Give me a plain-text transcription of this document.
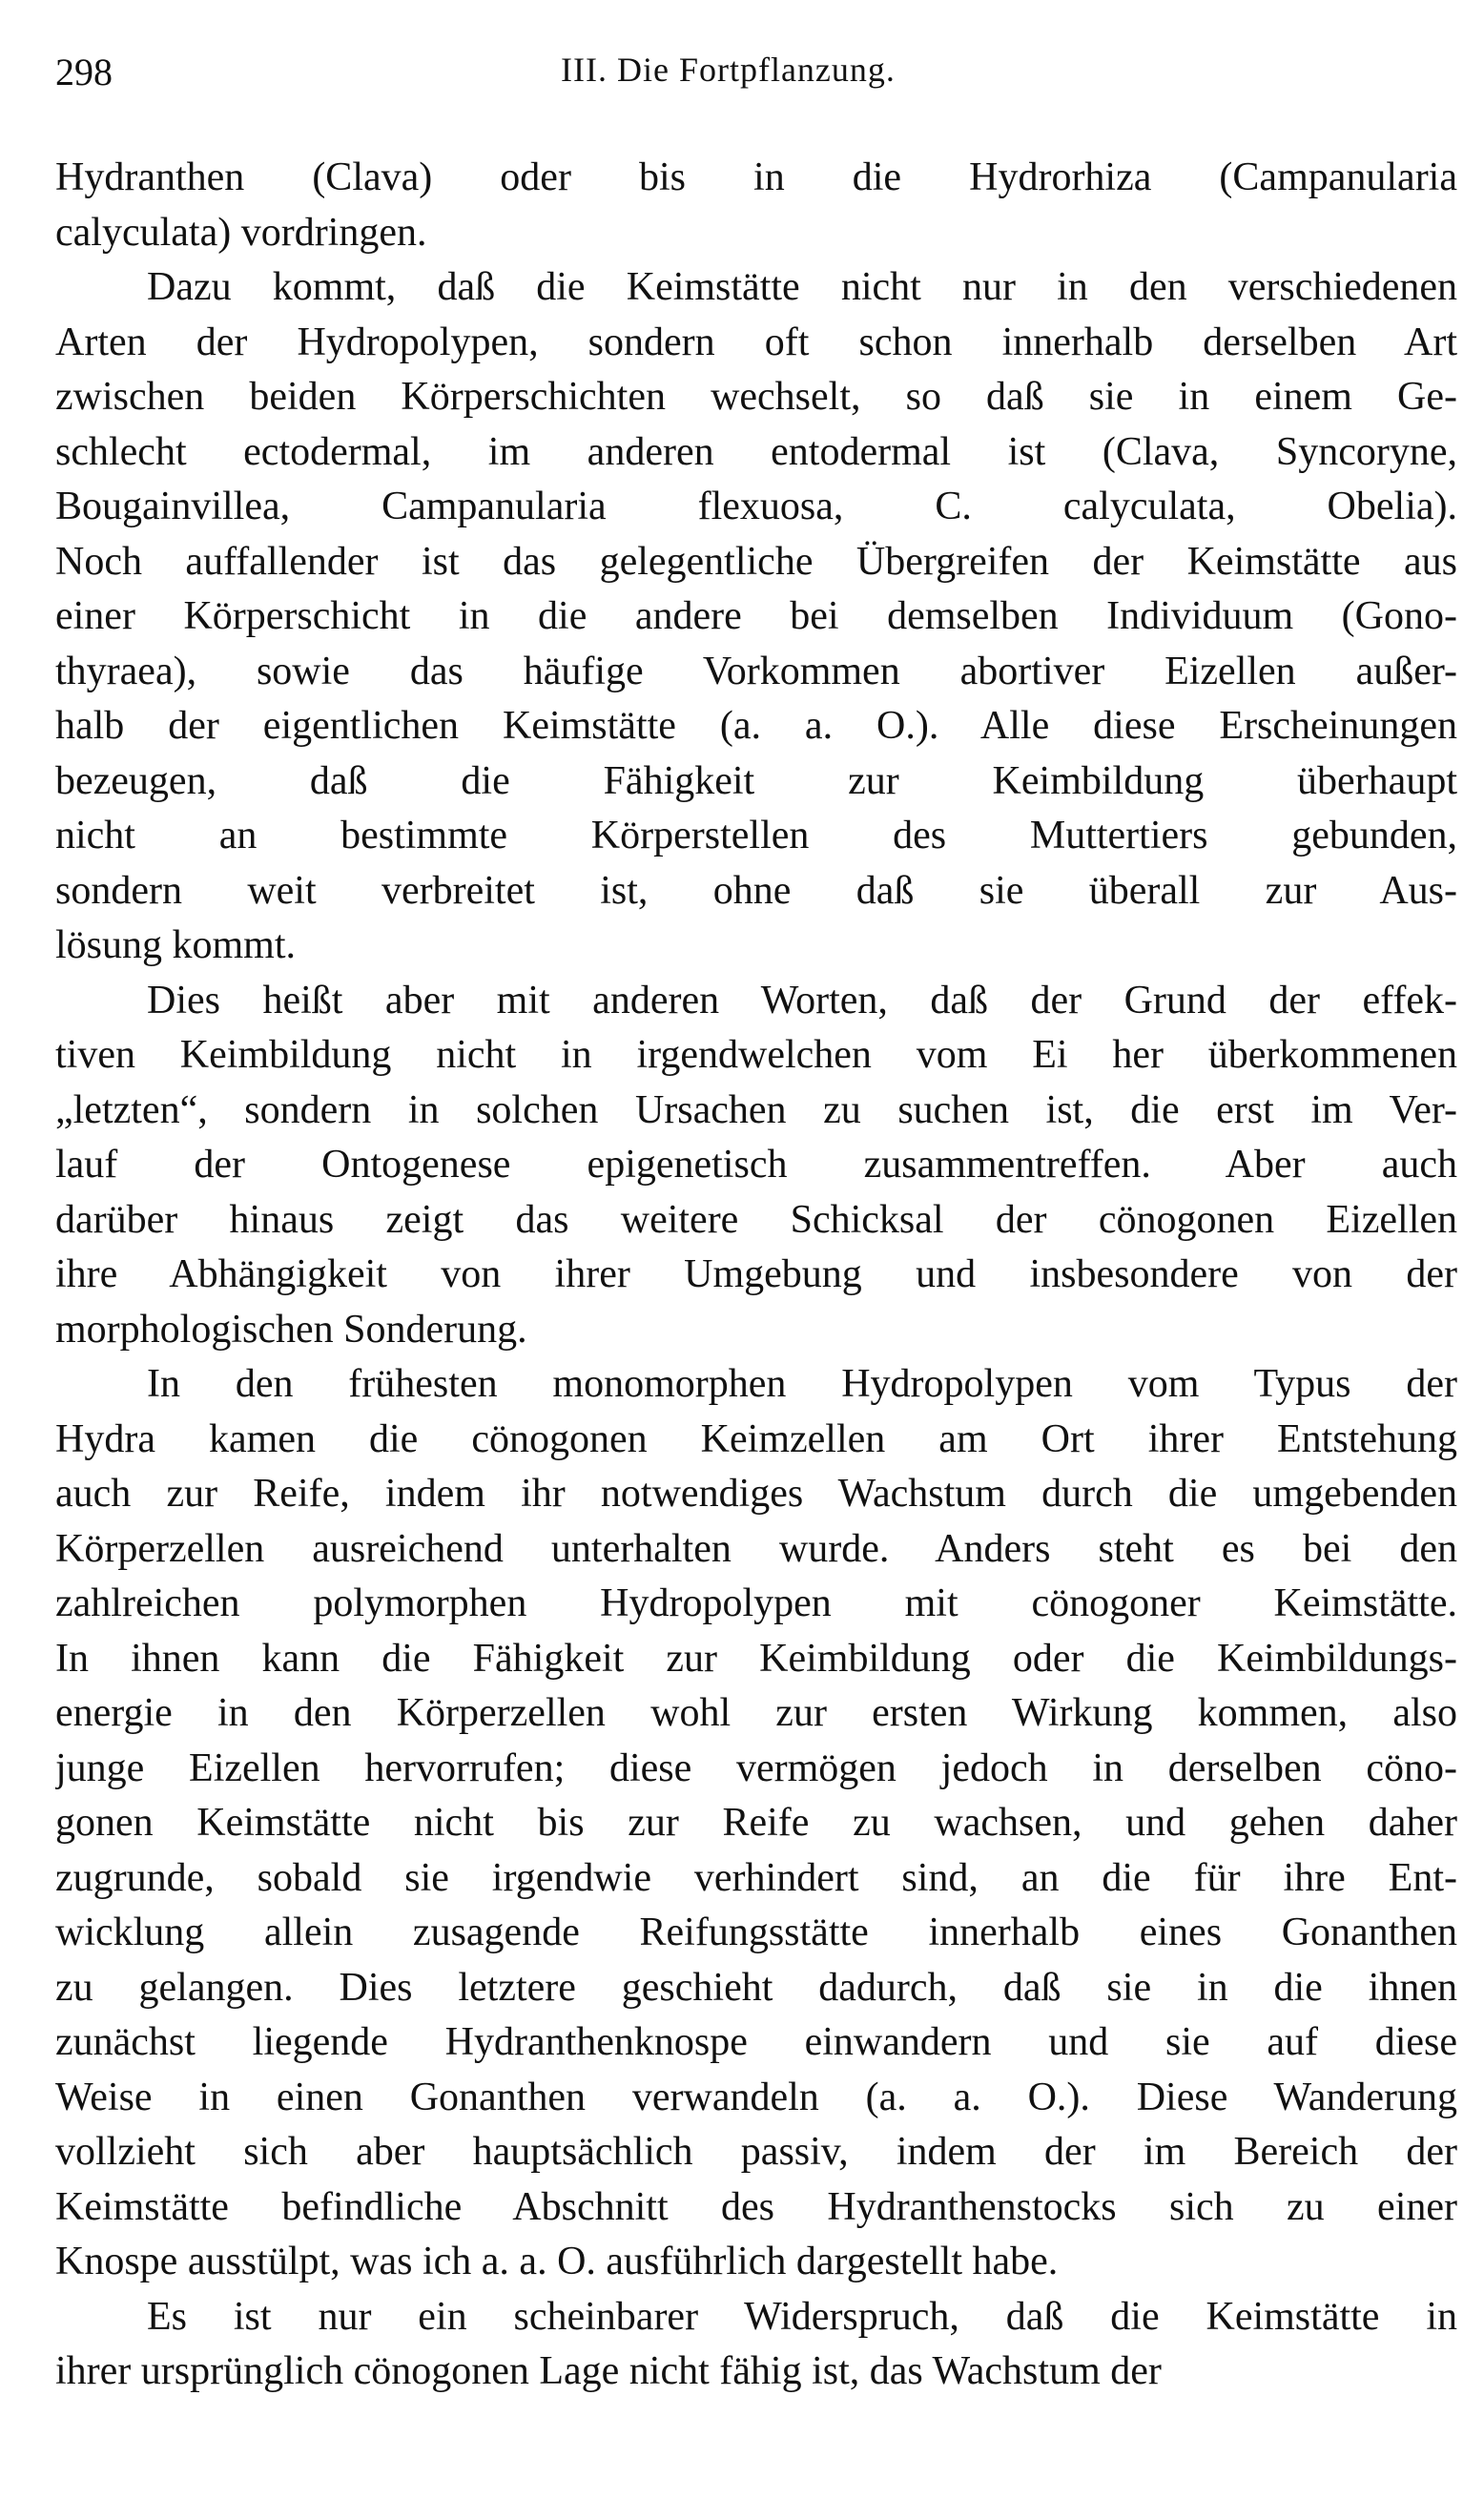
298	III. Die Fortpflanzung.
Hydranthen (Clava) oder bis in die Hydrorhiza (Campanularia
calyculata) vordringen.
Dazu kommt, daß die Keimstätte nicht nur in den verschiedenen
Arten der Hydropolypen, sondern oft schon innerhalb derselben Art
zwischen beiden Körperschichten wechselt, so daß sie in einem Ge-
schlecht ectodermal, im anderen entodermal ist (Clava, Syncoryne,
Bougainvillea, Campanularia flexuosa, C. calyculata, Obelia).
Noch auffallender ist das gelegentliche Übergreifen der Keimstätte aus
einer Körperschicht in die andere bei demselben Individuum (Gono-
thyraea), sowie das häufige Vorkommen abortiver Eizellen außer-
halb der eigentlichen Keimstätte (a. a. O.). Alle diese Erscheinungen
bezeugen, daß die Fähigkeit zur Keimbildung überhaupt
nicht an bestimmte Körperstellen des Muttertiers gebunden,
sondern weit verbreitet ist, ohne daß sie überall zur Aus-
lösung kommt.
Dies heißt aber mit anderen Worten, daß der Grund der effek-
tiven Keimbildung nicht in irgendwelchen vom Ei her überkommenen
„letzten“, sondern in solchen Ursachen zu suchen ist, die erst im Ver-
lauf der Ontogenese epigenetisch zusammentreffen. Aber auch
darüber hinaus zeigt das weitere Schicksal der cönogonen Eizellen
ihre Abhängigkeit von ihrer Umgebung und insbesondere von der
morphologischen Sonderung.
In den frühesten monomorphen Hydropolypen vom Typus der
Hydra kamen die cönogonen Keimzellen am Ort ihrer Entstehung
auch zur Reife, indem ihr notwendiges Wachstum durch die umgebenden
Körperzellen ausreichend unterhalten wurde. Anders steht es bei den
zahlreichen polymorphen Hydropolypen mit cönogoner Keimstätte.
In ihnen kann die Fähigkeit zur Keimbildung oder die Keimbildungs-
energie in den Körperzellen wohl zur ersten Wirkung kommen, also
junge Eizellen hervorrufen; diese vermögen jedoch in derselben cöno-
gonen Keimstätte nicht bis zur Reife zu wachsen, und gehen daher
zugrunde, sobald sie irgendwie verhindert sind, an die für ihre Ent-
wicklung allein zusagende Reifungsstätte innerhalb eines Gonanthen
zu gelangen. Dies letztere geschieht dadurch, daß sie in die ihnen
zunächst liegende Hydranthenknospe einwandern und sie auf diese
Weise in einen Gonanthen verwandeln (a. a. O.). Diese Wanderung
vollzieht sich aber hauptsächlich passiv, indem der im Bereich der
Keimstätte befindliche Abschnitt des Hydranthenstocks sich zu einer
Knospe ausstülpt, was ich a. a. O. ausführlich dargestellt habe.
Es ist nur ein scheinbarer Widerspruch, daß die Keimstätte in
ihrer ursprünglich cönogonen Lage nicht fähig ist, das Wachstum der
